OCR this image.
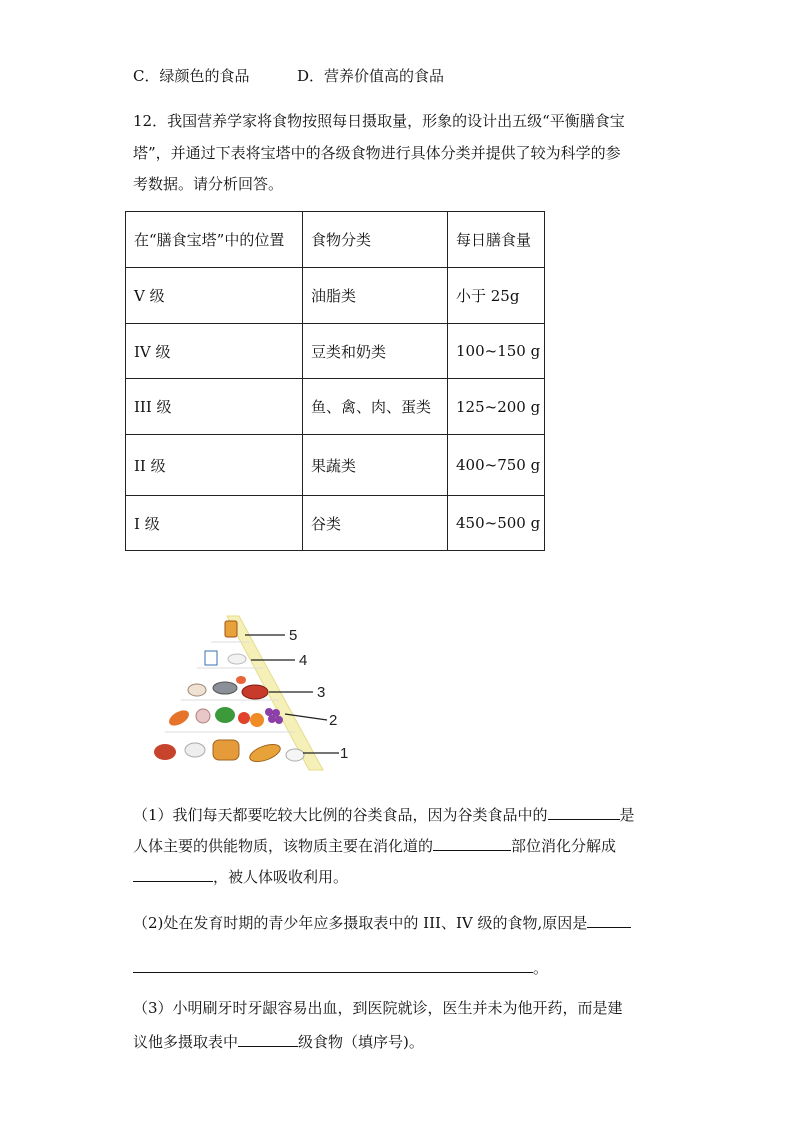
C．绿颜色的食品	D．营养价值高的食品
12．我国营养学家将食物按照每日摄取量，形象的设计出五级“平衡膳食宝
塔”，并通过下表将宝塔中的各级食物进行具体分类并提供了较为科学的参
考数据。请分析回答。
在“膳食宝塔”中的位置	食物分类	每日膳食量
V 级	油脂类	小于 25g
IV 级	豆类和奶类	100~150 g
III 级	鱼、禽、肉、蛋类	125~200 g
II 级	果蔬类	400~750 g
I 级	谷类	450~500 g
5
4
3
2
1
（1）我们每天都要吃较大比例的谷类食品，因为谷类食品中的	是
人体主要的供能物质，该物质主要在消化道的	部位消化分解成
，被人体吸收利用。
（2)处在发育时期的青少年应多摄取表中的 III、IV 级的食物,原因是
。
（3）小明刷牙时牙龈容易出血，到医院就诊，医生并未为他开药，而是建
议他多摄取表中	级食物（填序号)。
